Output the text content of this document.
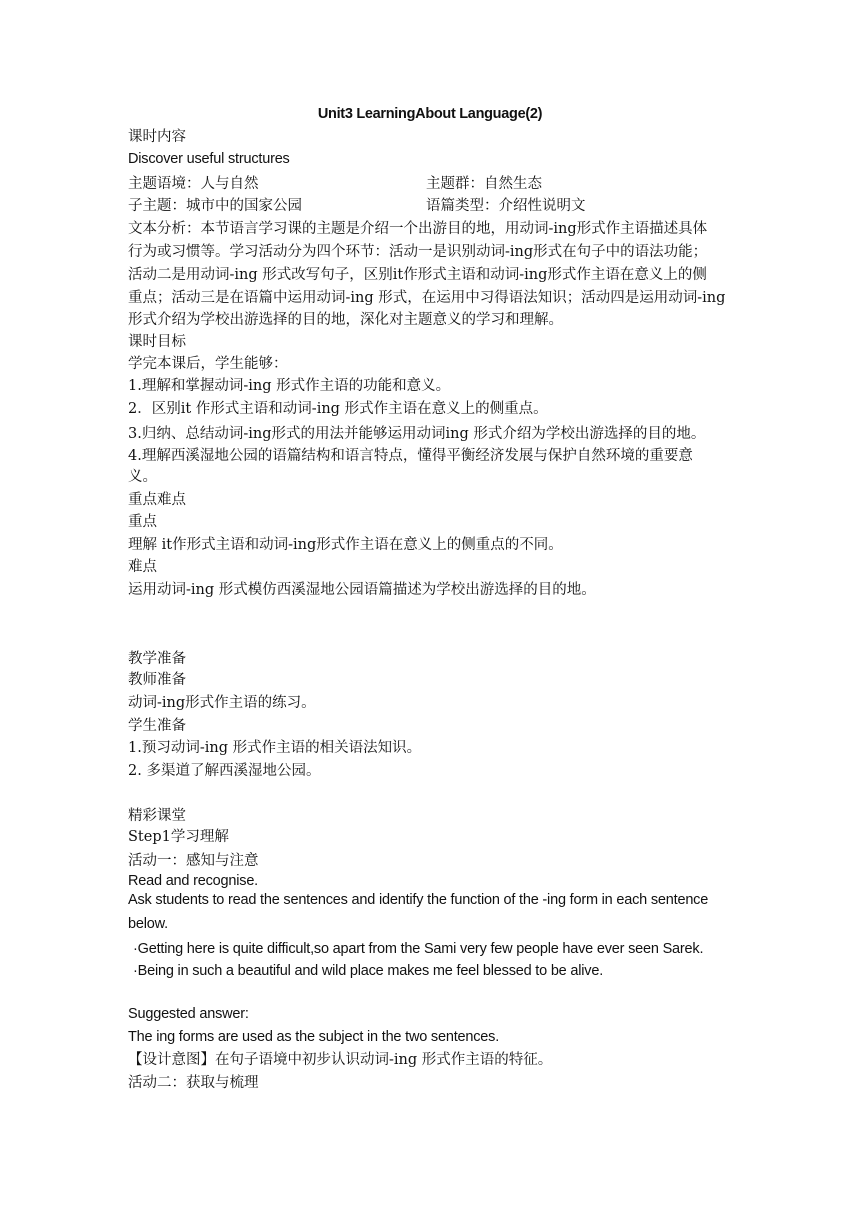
Unit3 LearningAbout Language(2)
课时内容
Discover useful structures
主题语境：人与自然	主题群：自然生态
子主题：城市中的国家公园	语篇类型：介绍性说明文
文本分析：本节语言学习课的主题是介绍一个出游目的地，用动词-ing形式作主语描述具体
行为或习惯等。学习活动分为四个环节：活动一是识别动词-ing形式在句子中的语法功能；
活动二是用动词-ing 形式改写句子，区别it作形式主语和动词-ing形式作主语在意义上的侧
重点；活动三是在语篇中运用动词-ing 形式，在运用中习得语法知识；活动四是运用动词-ing
形式介绍为学校出游选择的目的地，深化对主题意义的学习和理解。
课时目标
学完本课后，学生能够：
1.理解和掌握动词-ing 形式作主语的功能和意义。
2．区别it 作形式主语和动词-ing 形式作主语在意义上的侧重点。
3.归纳、总结动词-ing形式的用法并能够运用动词ing 形式介绍为学校出游选择的目的地。
4.理解西溪湿地公园的语篇结构和语言特点，懂得平衡经济发展与保护自然环境的重要意
义。
重点难点
重点
理解 it作形式主语和动词-ing形式作主语在意义上的侧重点的不同。
难点
运用动词-ing 形式模仿西溪湿地公园语篇描述为学校出游选择的目的地。
教学准备
教师准备
动词-ing形式作主语的练习。
学生准备
1.预习动词-ing 形式作主语的相关语法知识。
2. 多渠道了解西溪湿地公园。
精彩课堂
Step1学习理解
活动一：感知与注意
Read and recognise.
Ask students to read the sentences and identify the function of the -ing form in each sentence
below.
·Getting here is quite difficult,so apart from the Sami very few people have ever seen Sarek.
·Being in such a beautiful and wild place makes me feel blessed to be alive.
Suggested answer:
The ing forms are used as the subject in the two sentences.
【设计意图】在句子语境中初步认识动词-ing 形式作主语的特征。
活动二：获取与梳理
